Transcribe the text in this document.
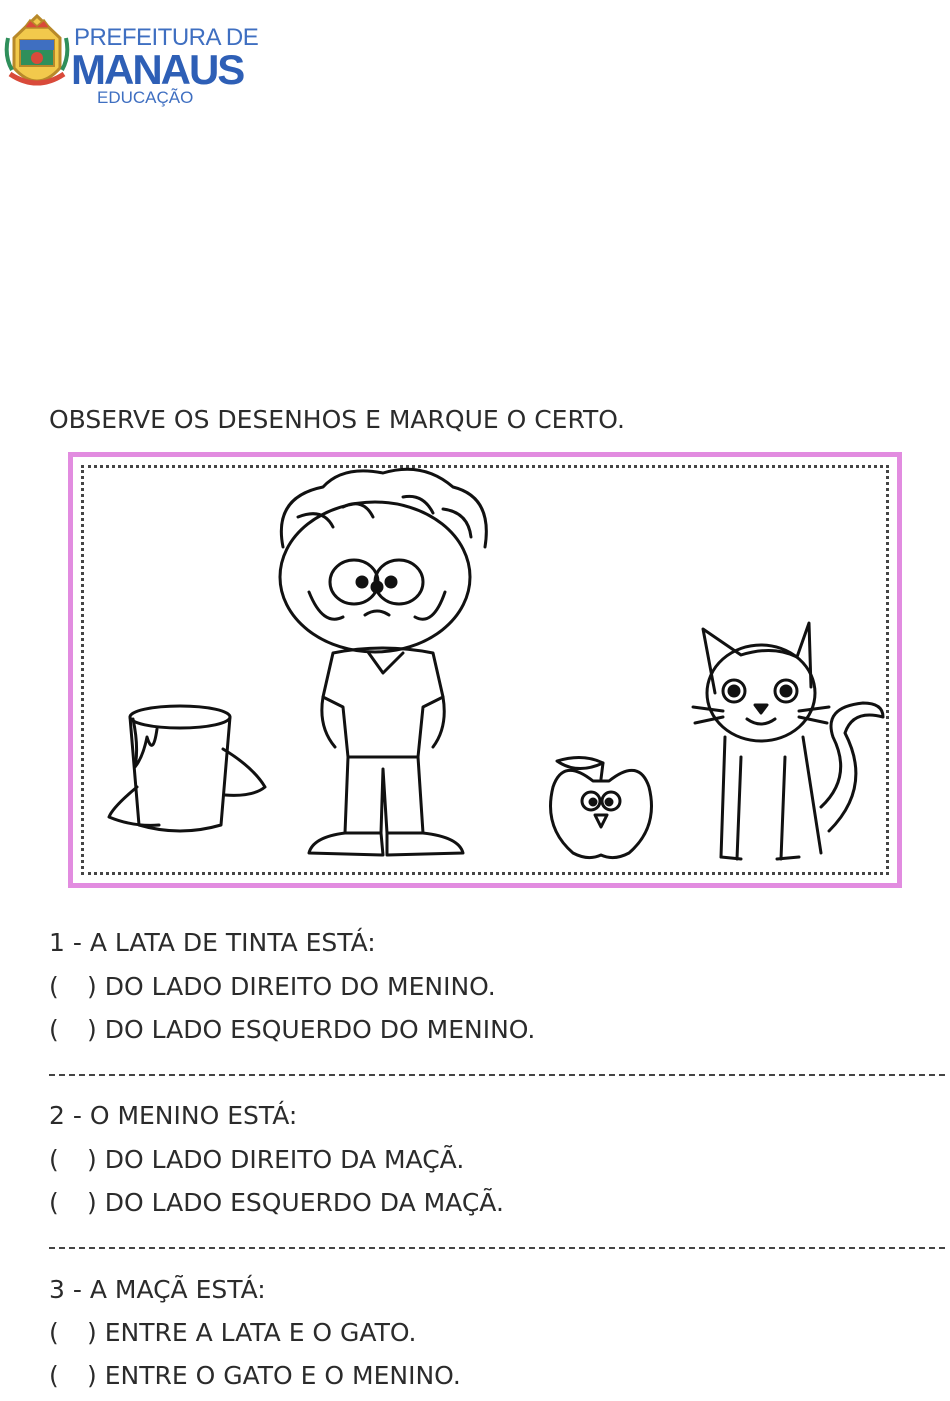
PREFEITURA DE
MANAUS
EDUCAÇÃO
OBSERVE OS DESENHOS E MARQUE O CERTO.
1 - A LATA DE TINTA ESTÁ:
( ) DO LADO DIREITO DO MENINO.
( ) DO LADO ESQUERDO DO MENINO.
2 - O MENINO ESTÁ:
( ) DO LADO DIREITO DA MAÇÃ.
( ) DO LADO ESQUERDO DA MAÇÃ.
3 - A MAÇÃ ESTÁ:
( ) ENTRE A LATA E O GATO.
( ) ENTRE O GATO E O MENINO.
